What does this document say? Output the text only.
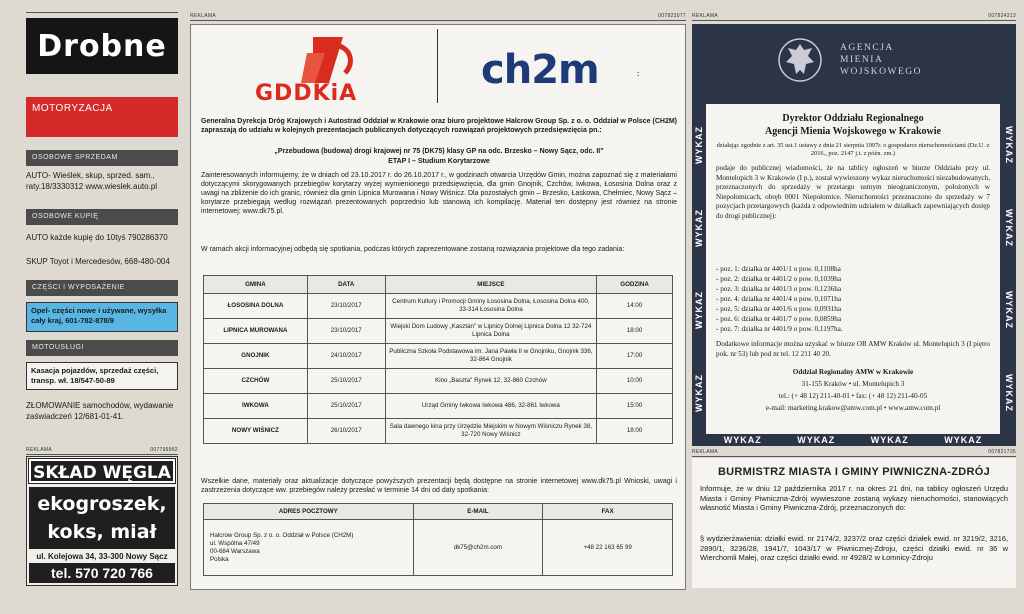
Drobne
MOTORYZACJA
OSOBOWE SPRZEDAM
AUTO- Wieślek, skup, sprzed. sam., raty.18/3330312 www.wieslek.auto.pl
OSOBOWE KUPIĘ
AUTO każde kupię do 10tyś 790286370
SKUP Toyot i Mercedesów, 668-480-004
CZĘŚCI I WYPOSAŻENIE
Opel- części nowe i używane, wysyłka cały kraj, 601-782-878/9
MOTOUSŁUGI
Kasacja pojazdów, sprzedaż części, transp. wł. 18/547-50-89
ZŁOMOWANIE samochodów, wydawanie zaświadczeń 12/681-01-41.
REKLAMA	007799962
SKŁAD WĘGLA
ekogroszek,
koks, miał
ul. Kolejowa 34, 33-300 Nowy Sącz
tel. 570 720 766
REKLAMA	007823077
GDDKiA
ch2m	:
Generalna Dyrekcja Dróg Krajowych i Autostrad Oddział w Krakowie oraz biuro projektowe Halcrow Group Sp. z o. o. Oddział w Polsce (CH2M) zapraszają do udziału w kolejnych prezentacjach publicznych dotyczących rozwiązań projektowych przedsięwzięcia pn.:
„Przebudowa (budowa) drogi krajowej nr 75 (DK75) klasy GP na odc. Brzesko – Nowy Sącz, odc. II"
ETAP I – Studium Korytarzowe
Zainteresowanych informujemy, że w dniach od 23.10.2017 r. do 26.10.2017 r., w godzinach otwarcia Urzędów Gmin, można zapoznać się z materiałami dotyczącymi skorygowanych przebiegów korytarzy wyżej wymienionego przedsięwzięcia, dla gmin Gnojnik, Czchów, Iwkowa, Łososina Dolna oraz z uwagi na zbliżenie do ich granic, również dla gmin Lipnica Murowana i Nowy Wiśnicz. Dla pozostałych gmin – Brzesko, Łaskowa, Chełmiec, Nowy Sącz – korytarze przebiegają według rozwiązań prezentowanych poprzednio lub stanowią ich kompilację. Materiał ten dostępny jest również na stronie internetowej: www.dk75.pl.
W ramach akcji informacyjnej odbędą się spotkania, podczas których zaprezentowane zostaną rozwiązania projektowe dla tego zadania:
GMINA	DATA	MIEJSCE	GODZINA
ŁOSOSINA DOLNA	23/10/2017	Centrum Kultury i Promocji Gminy Łososina Dolna, Łososina Dolna 400, 33-314 Łososina Dolna	14:00
LIPNICA MUROWANA	23/10/2017	Wiejski Dom Ludowy „Kasztan" w Lipnicy Dolnej Lipnica Dolna 12 32-724 Lipnica Dolna	18:00
GNOJNIK	24/10/2017	Publiczna Szkoła Podstawowa im. Jana Pawła II w Gnojniku, Gnojnik 336, 32-864 Gnojnik	17:00
CZCHÓW	25/10/2017	Kino „Baszta" Rynek 12, 32-860 Czchów	10:00
IWKOWA	25/10/2017	Urząd Gminy Iwkowa Iwkowa 486, 32-861 Iwkowa	15:00
NOWY WIŚNICZ	26/10/2017	Sala dawnego kina przy Urzędzie Miejskim w Nowym Wiśniczu Rynek 38, 32-720 Nowy Wiśnicz	18:00
Wszelkie dane, materiały oraz aktualizacje dotyczące powyższych prezentacji będą dostępne na stronie internetowej www.dk75.pl Wnioski, uwagi i zastrzeżenia dotyczące ww. przebiegów należy przesłać w terminie 14 dni od daty spotkania:
ADRES POCZTOWY	E-MAIL	FAX

Halcrow Group Sp. z o. o. Oddział w Polsce (CH2M)
ul. Wspólna 47/49
00-684 Warszawa
Polska	dk75@ch2m.com	+48 22 163 65 99
REKLAMA	007824313
AGENCJA
MIENIA
WOJSKOWEGO
WYKAZ
WYKAZ
WYKAZ
WYKAZ	WYKAZ
WYKAZ
WYKAZ
WYKAZ
Dyrektor Oddziału Regionalnego
Agencji Mienia Wojskowego w Krakowie
działając zgodnie z art. 35 ust.1 ustawy z dnia 21 sierpnia 1997r. o gospodarce nieruchomościami (Dz.U. z 2016., poz. 2147 j.t. z późn. zm.)
podaje do publicznej wiadomości, że na tablicy ogłoszeń w biurze Oddziału przy ul. Montelupich 3 w Krakowie (I p.), został wywieszony wykaz nieruchomości niezabudowanych, przeznaczonych do sprzedaży w przetargu ustnym nieograniczonym, położonych w Niepołomicach, obręb 0001 Niepołomice. Nieruchomości przeznaczono do sprzedaży w 7 pozycjach przetargowych (każda z odpowiednim udziałem w działkach zapewniających dostęp do drogi publicznej):
- poz. 1: działka nr 4401/1 o pow. 0,1108ha
- poz. 2: działka nr 4401/2 o pow. 0,1039ha
- poz. 3: działka nr 4401/3 o pow. 0,1236ha
- poz. 4: działka nr 4401/4 o pow. 0,1071ha
- poz. 5: działka nr 4401/6 o pow. 0,0931ha
- poz. 6: działka nr 4401/7 o pow. 0,0859ha
- poz. 7: działka nr 4401/9 o pow. 0,1197ha.
Dodatkowe informacje można uzyskać w biurze OR AMW Kraków ul. Montelupich 3 (I piętro pok. nr 53) lub pod nr tel. 12 211 40 20.
Oddział Regionalny AMW w Krakowie
31-155 Kraków • ul. Montelupich 3
tel.: (+ 48 12) 211-40-01 • fax: (+ 48 12) 211-40-05
e-mail: marketing.krakow@amw.com.pl • www.amw.com.pl
WYKAZ	WYKAZ	WYKAZ	WYKAZ
REKLAMA	007821735
BURMISTRZ MIASTA I GMINY PIWNICZNA-ZDRÓJ
Informuje, że w dniu 12 października 2017 r. na okres 21 dni, na tablicy ogłoszeń Urzędu Miasta i Gminy Piwniczna-Zdrój wywieszone zostaną wykazy nieruchomości, stanowiących własność Miasta i Gminy Piwniczna-Zdrój, przeznaczonych do:
§ wydzierżawienia: działki ewid. nr 2174/2, 3237/2 oraz części działek ewid. nr 3219/2, 3216, 2890/1, 3236/28, 1941/7, 1043/17 w Piwnicznej-Zdroju, części działki ewid. nr 36 w Wierchomli Małej, oraz części działki ewid. nr 4928/2 w Łomnicy-Zdroju
